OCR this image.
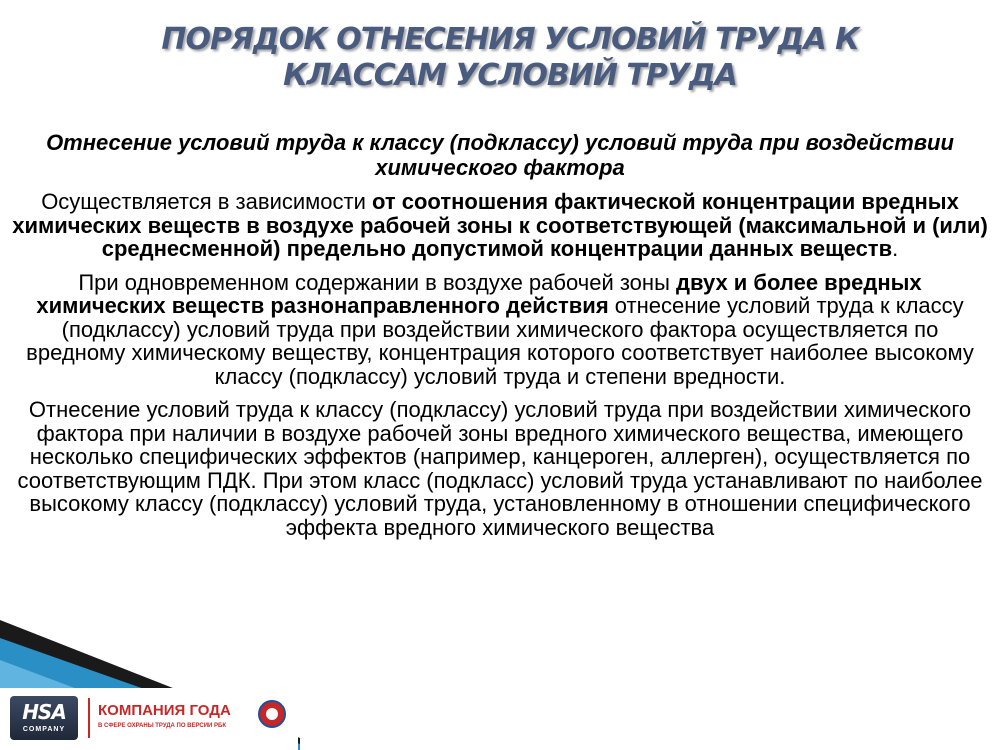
ПОРЯДОК ОТНЕСЕНИЯ УСЛОВИЙ ТРУДА К КЛАССАМ УСЛОВИЙ ТРУДА

Отнесение условий труда к классу (подклассу) условий труда при воздействии химического фактора

Осуществляется в зависимости от соотношения фактической концентрации вредных химических веществ в воздухе рабочей зоны к соответствующей (максимальной и (или) среднесменной) предельно допустимой концентрации данных веществ.

При одновременном содержании в воздухе рабочей зоны двух и более вредных химических веществ разнонаправленного действия отнесение условий труда к классу (подклассу) условий труда при воздействии химического фактора осуществляется по вредному химическому веществу, концентрация которого соответствует наиболее высокому классу (подклассу) условий труда и степени вредности.

Отнесение условий труда к классу (подклассу) условий труда при воздействии химического фактора при наличии в воздухе рабочей зоны вредного химического вещества, имеющего несколько специфических эффектов (например, канцероген, аллерген), осуществляется по соответствующим ПДК. При этом класс (подкласс) условий труда устанавливают по наиболее высокому классу (подклассу) условий труда, установленному в отношении специфического эффекта вредного химического вещества

HSA
COMPANY
КОМПАНИЯ ГОДА
В СФЕРЕ ОХРАНЫ ТРУДА ПО ВЕРСИИ РБК
